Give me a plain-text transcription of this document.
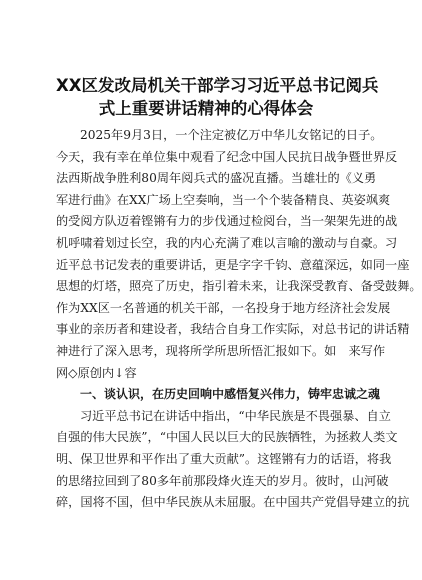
XX区发改局机关干部学习习近平总书记阅兵
式上重要讲话精神的心得体会
2025年9月3日，一个注定被亿万中华儿女铭记的日子。
今天，我有幸在单位集中观看了纪念中国人民抗日战争暨世界反
法西斯战争胜利80周年阅兵式的盛况直播。当雄壮的《义勇
军进行曲》在XX广场上空奏响，当一个个装备精良、英姿飒爽
的受阅方队迈着铿锵有力的步伐通过检阅台，当一架架先进的战
机呼啸着划过长空，我的内心充满了难以言喻的激动与自豪。习
近平总书记发表的重要讲话，更是字字千钧、意蕴深远，如同一座
思想的灯塔，照亮了历史，指引着未来，让我深受教育、备受鼓舞。
作为XX区一名普通的机关干部，一名投身于地方经济社会发展
事业的亲历者和建设者，我结合自身工作实际，对总书记的讲话精
神进行了深入思考，现将所学所思所悟汇报如下。如　来写作
网◇原创内↓容
一、谈认识，在历史回响中感悟复兴伟力，铸牢忠诚之魂
习近平总书记在讲话中指出，“中华民族是不畏强暴、自立
自强的伟大民族”，“中国人民以巨大的民族牺牲，为拯救人类文
明、保卫世界和平作出了重大贡献”。这铿锵有力的话语，将我
的思绪拉回到了80多年前那段烽火连天的岁月。彼时，山河破
碎，国将不国，但中华民族从未屈服。在中国共产党倡导建立的抗
